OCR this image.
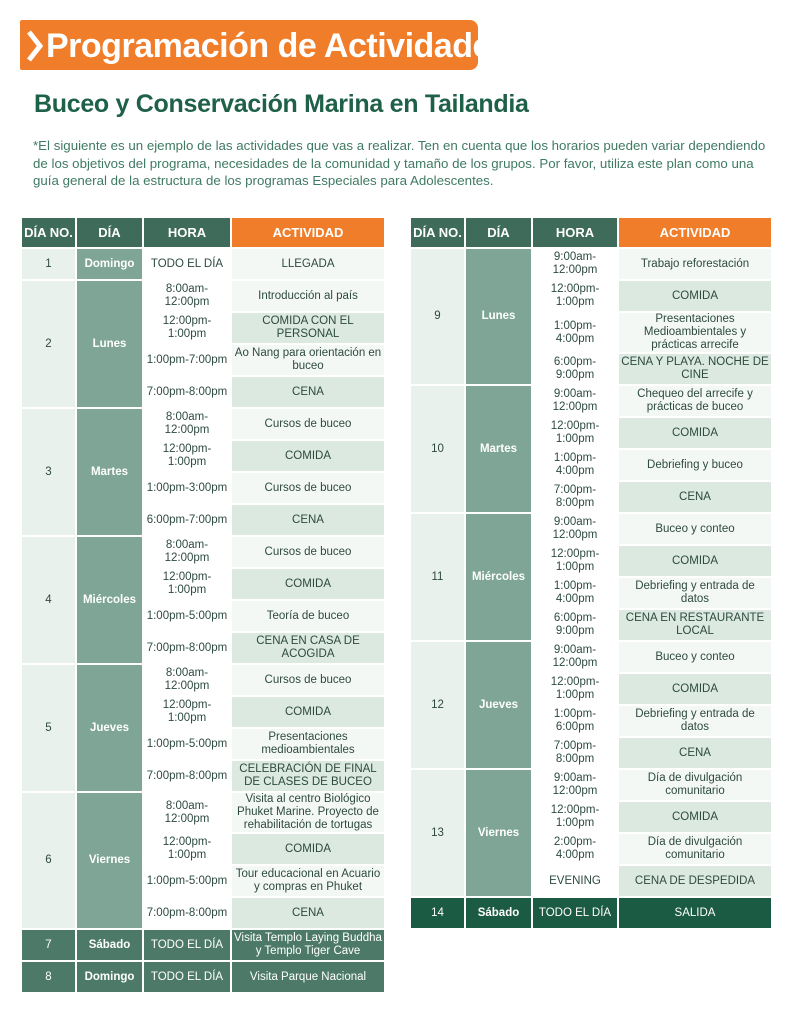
Programación de Actividades
Buceo y Conservación Marina en Tailandia
*El siguiente es un ejemplo de las actividades que vas a realizar. Ten en cuenta que los horarios pueden variar dependiendo de los objetivos del programa, necesidades de la comunidad y tamaño de los grupos. Por favor, utiliza este plan como una guía general de la estructura de los programas Especiales para Adolescentes.
DÍA NO.	DÍA	HORA	ACTIVIDAD
1	Domingo	TODO EL DÍA	LLEGADA
2	Lunes	8:00am-12:00pm	Introducción al país
		12:00pm-1:00pm	COMIDA CON EL PERSONAL
		1:00pm-7:00pm	Ao Nang para orientación en buceo
		7:00pm-8:00pm	CENA
3	Martes	8:00am-12:00pm	Cursos de buceo
		12:00pm-1:00pm	COMIDA
		1:00pm-3:00pm	Cursos de buceo
		6:00pm-7:00pm	CENA
4	Miércoles	8:00am-12:00pm	Cursos de buceo
		12:00pm-1:00pm	COMIDA
		1:00pm-5:00pm	Teoría de buceo
		7:00pm-8:00pm	CENA EN CASA DE ACOGIDA
5	Jueves	8:00am-12:00pm	Cursos de buceo
		12:00pm-1:00pm	COMIDA
		1:00pm-5:00pm	Presentaciones medioambientales
		7:00pm-8:00pm	CELEBRACIÓN DE FINAL DE CLASES DE BUCEO
6	Viernes	8:00am-12:00pm	Visita al centro Biológico Phuket Marine. Proyecto de rehabilitación de tortugas
		12:00pm-1:00pm	COMIDA
		1:00pm-5:00pm	Tour educacional en Acuario y compras en Phuket
		7:00pm-8:00pm	CENA
7	Sábado	TODO EL DÍA	Visita Templo Laying Buddha y Templo Tiger Cave
8	Domingo	TODO EL DÍA	Visita Parque Nacional
DÍA NO.	DÍA	HORA	ACTIVIDAD
9	Lunes	9:00am-12:00pm	Trabajo reforestación
		12:00pm-1:00pm	COMIDA
		1:00pm-4:00pm	Presentaciones Medioambientales y prácticas arrecife
		6:00pm-9:00pm	CENA Y PLAYA. NOCHE DE CINE
10	Martes	9:00am-12:00pm	Chequeo del arrecife y prácticas de buceo
		12:00pm-1:00pm	COMIDA
		1:00pm-4:00pm	Debriefing y buceo
		7:00pm-8:00pm	CENA
11	Miércoles	9:00am-12:00pm	Buceo y conteo
		12:00pm-1:00pm	COMIDA
		1:00pm-4:00pm	Debriefing y entrada de datos
		6:00pm-9:00pm	CENA EN RESTAURANTE LOCAL
12	Jueves	9:00am-12:00pm	Buceo y conteo
		12:00pm-1:00pm	COMIDA
		1:00pm-6:00pm	Debriefing y entrada de datos
		7:00pm-8:00pm	CENA
13	Viernes	9:00am-12:00pm	Día de divulgación comunitario
		12:00pm-1:00pm	COMIDA
		2:00pm-4:00pm	Día de divulgación comunitario
		EVENING	CENA DE DESPEDIDA
14	Sábado	TODO EL DÍA	SALIDA
